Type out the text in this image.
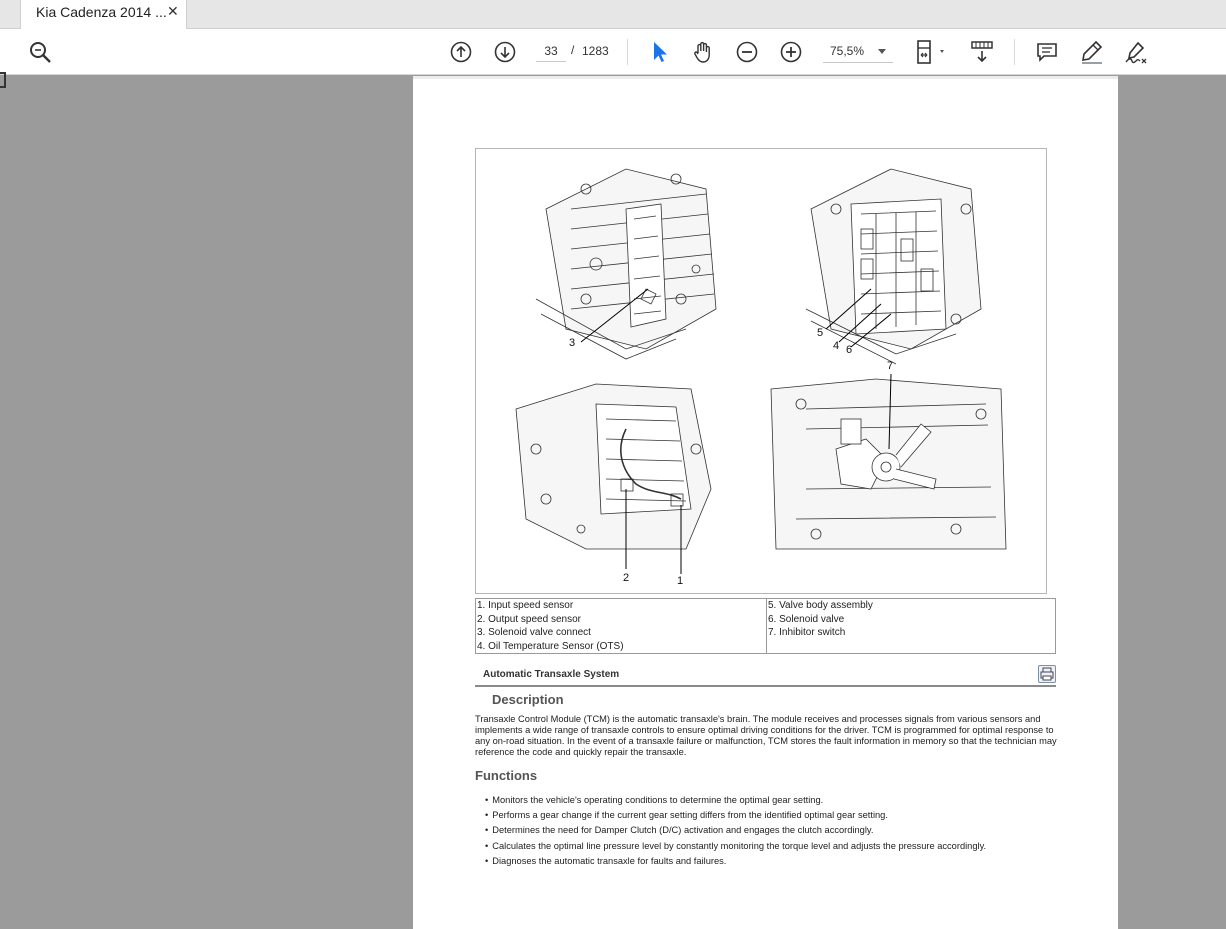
Kia Cadenza 2014 ... ✕
33
/ 1283	75,5%
3
5
4 6
7
2	1
1. Input speed sensor
2. Output speed sensor
3. Solenoid valve connect
4. Oil Temperature Sensor (OTS)
5. Valve body assembly
6. Solenoid valve
7. Inhibitor switch
Automatic Transaxle System
Description

Transaxle Control Module (TCM) is the automatic transaxle's brain. The module receives and processes signals from various sensors and implements a wide range of transaxle controls to ensure optimal driving conditions for the driver. TCM is programmed for optimal response to any on-road situation. In the event of a transaxle failure or malfunction, TCM stores the fault information in memory so that the technician may reference the code and quickly repair the transaxle.

Functions
• Monitors the vehicle's operating conditions to determine the optimal gear setting.
• Performs a gear change if the current gear setting differs from the identified optimal gear setting.
• Determines the need for Damper Clutch (D/C) activation and engages the clutch accordingly.
• Calculates the optimal line pressure level by constantly monitoring the torque level and adjusts the pressure accordingly.
• Diagnoses the automatic transaxle for faults and failures.
